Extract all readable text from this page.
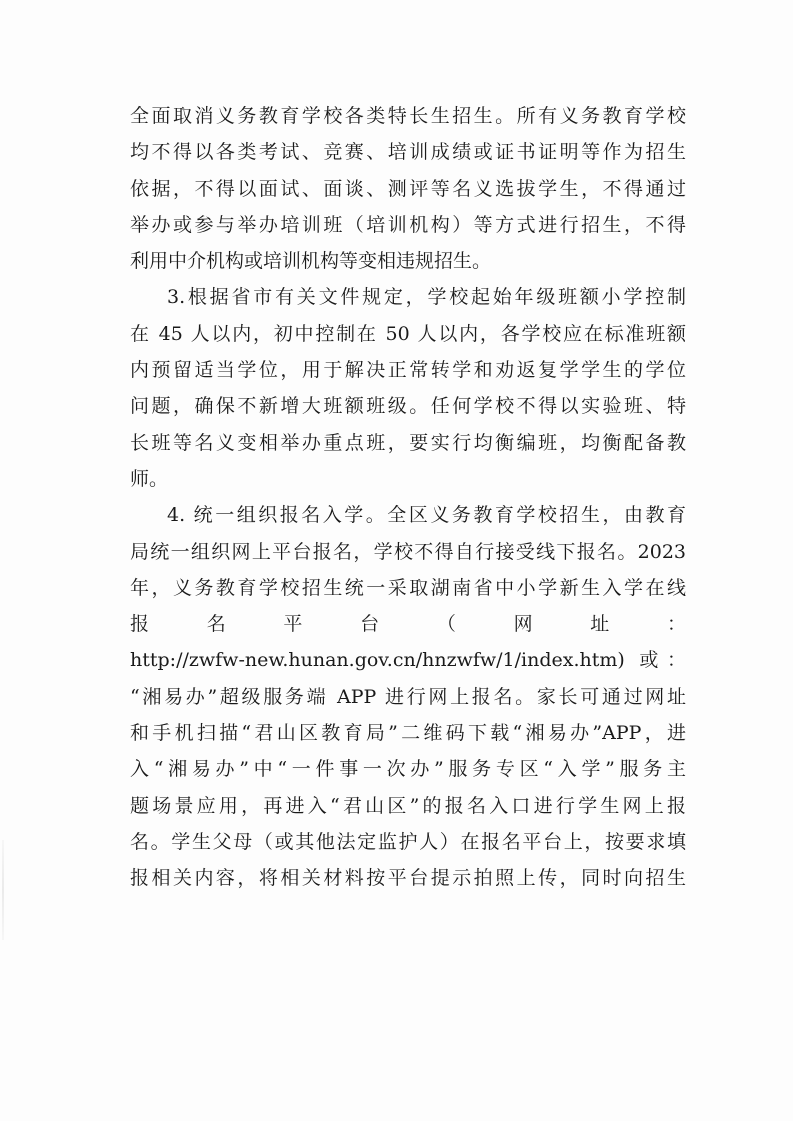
全面取消义务教育学校各类特长生招生。所有义务教育学校
均不得以各类考试、竞赛、培训成绩或证书证明等作为招生
依据，不得以面试、面谈、测评等名义选拔学生，不得通过
举办或参与举办培训班（培训机构）等方式进行招生，不得
利用中介机构或培训机构等变相违规招生。
3.根据省市有关文件规定，学校起始年级班额小学控制
在 45 人以内，初中控制在 50 人以内，各学校应在标准班额
内预留适当学位，用于解决正常转学和劝返复学学生的学位
问题，确保不新增大班额班级。任何学校不得以实验班、特
长班等名义变相举办重点班，要实行均衡编班，均衡配备教
师。
4. 统一组织报名入学。全区义务教育学校招生，由教育
局统一组织网上平台报名，学校不得自行接受线下报名。2023
年，义务教育学校招生统一采取湖南省中小学新生入学在线
报 名 平 台 （ 网 址 ：
http://zwfw-new.hunan.gov.cn/hnzwfw/1/index.htm) 或：
“湘易办”超级服务端 APP 进行网上报名。家长可通过网址
和手机扫描“君山区教育局”二维码下载“湘易办”APP，进
入“湘易办”中“一件事一次办”服务专区“入学”服务主
题场景应用，再进入“君山区”的报名入口进行学生网上报
名。学生父母（或其他法定监护人）在报名平台上，按要求填
报相关内容，将相关材料按平台提示拍照上传，同时向招生
